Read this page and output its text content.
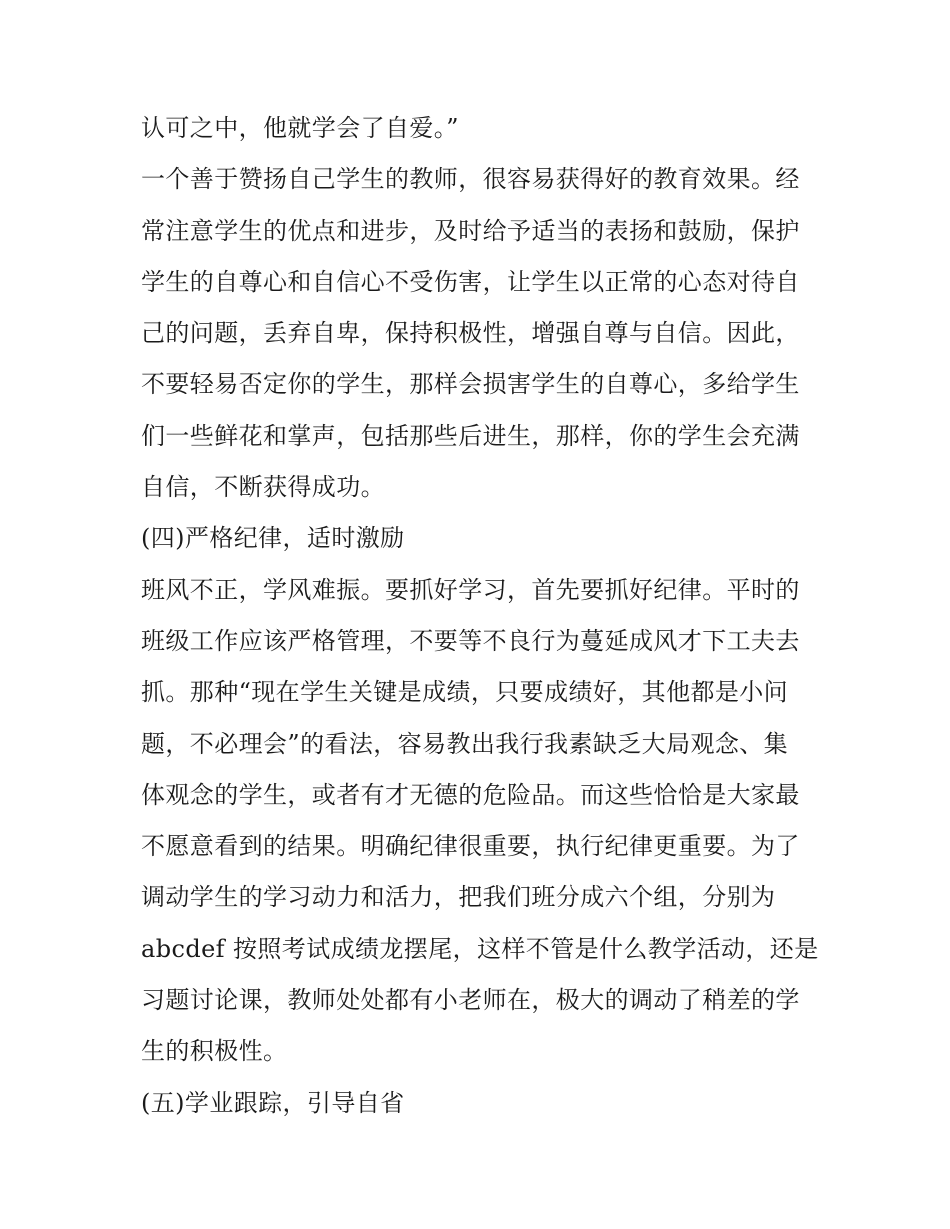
认可之中，他就学会了自爱。”
一个善于赞扬自己学生的教师，很容易获得好的教育效果。经
常注意学生的优点和进步，及时给予适当的表扬和鼓励，保护
学生的自尊心和自信心不受伤害，让学生以正常的心态对待自
己的问题，丢弃自卑，保持积极性，增强自尊与自信。因此，
不要轻易否定你的学生，那样会损害学生的自尊心，多给学生
们一些鲜花和掌声，包括那些后进生，那样，你的学生会充满
自信，不断获得成功。
(四)严格纪律，适时激励
班风不正，学风难振。要抓好学习，首先要抓好纪律。平时的
班级工作应该严格管理，不要等不良行为蔓延成风才下工夫去
抓。那种“现在学生关键是成绩，只要成绩好，其他都是小问
题，不必理会”的看法，容易教出我行我素缺乏大局观念、集
体观念的学生，或者有才无德的危险品。而这些恰恰是大家最
不愿意看到的结果。明确纪律很重要，执行纪律更重要。为了
调动学生的学习动力和活力，把我们班分成六个组，分别为
abcdef 按照考试成绩龙摆尾，这样不管是什么教学活动，还是
习题讨论课，教师处处都有小老师在，极大的调动了稍差的学
生的积极性。
(五)学业跟踪，引导自省
